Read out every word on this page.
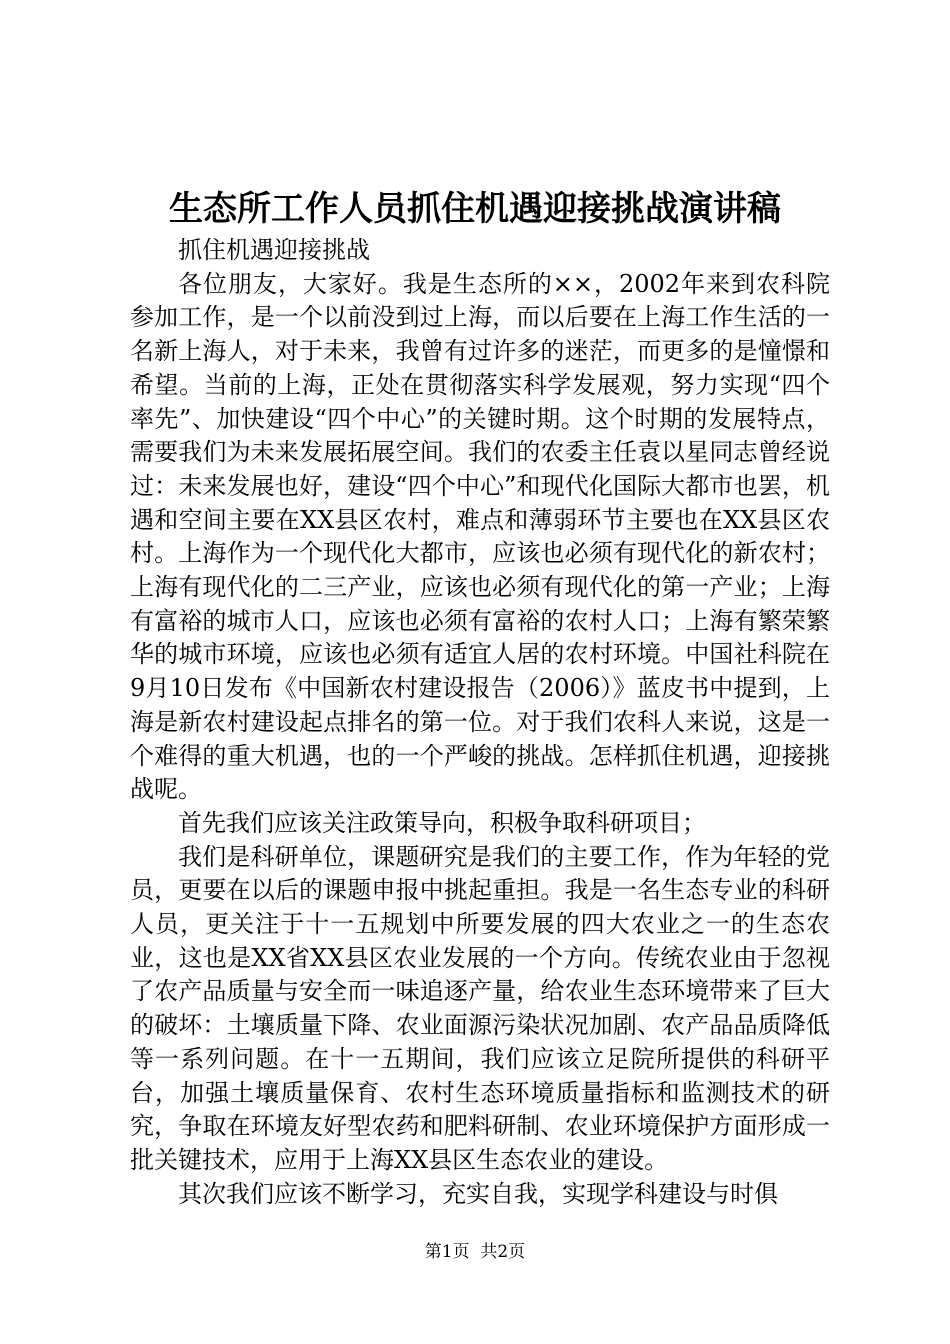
生态所工作人员抓住机遇迎接挑战演讲稿

抓住机遇迎接挑战

各位朋友，大家好。我是生态所的××，2002年来到农科院参加工作，是一个以前没到过上海，而以后要在上海工作生活的一名新上海人，对于未来，我曾有过许多的迷茫，而更多的是憧憬和希望。当前的上海，正处在贯彻落实科学发展观，努力实现“四个率先”、加快建设“四个中心”的关键时期。这个时期的发展特点，需要我们为未来发展拓展空间。我们的农委主任袁以星同志曾经说过：未来发展也好，建设“四个中心”和现代化国际大都市也罢，机遇和空间主要在XX县区农村，难点和薄弱环节主要也在XX县区农村。上海作为一个现代化大都市，应该也必须有现代化的新农村；上海有现代化的二三产业，应该也必须有现代化的第一产业；上海有富裕的城市人口，应该也必须有富裕的农村人口；上海有繁荣繁华的城市环境，应该也必须有适宜人居的农村环境。中国社科院在9月10日发布《中国新农村建设报告（2006）》蓝皮书中提到，上海是新农村建设起点排名的第一位。对于我们农科人来说，这是一个难得的重大机遇，也的一个严峻的挑战。怎样抓住机遇，迎接挑战呢。

首先我们应该关注政策导向，积极争取科研项目；

我们是科研单位，课题研究是我们的主要工作，作为年轻的党员，更要在以后的课题申报中挑起重担。我是一名生态专业的科研人员，更关注于十一五规划中所要发展的四大农业之一的生态农业，这也是XX省XX县区农业发展的一个方向。传统农业由于忽视了农产品质量与安全而一味追逐产量，给农业生态环境带来了巨大的破坏：土壤质量下降、农业面源污染状况加剧、农产品品质降低等一系列问题。在十一五期间，我们应该立足院所提供的科研平台，加强土壤质量保育、农村生态环境质量指标和监测技术的研究，争取在环境友好型农药和肥料研制、农业环境保护方面形成一批关键技术，应用于上海XX县区生态农业的建设。

其次我们应该不断学习，充实自我，实现学科建设与时俱

第1页  共2页
